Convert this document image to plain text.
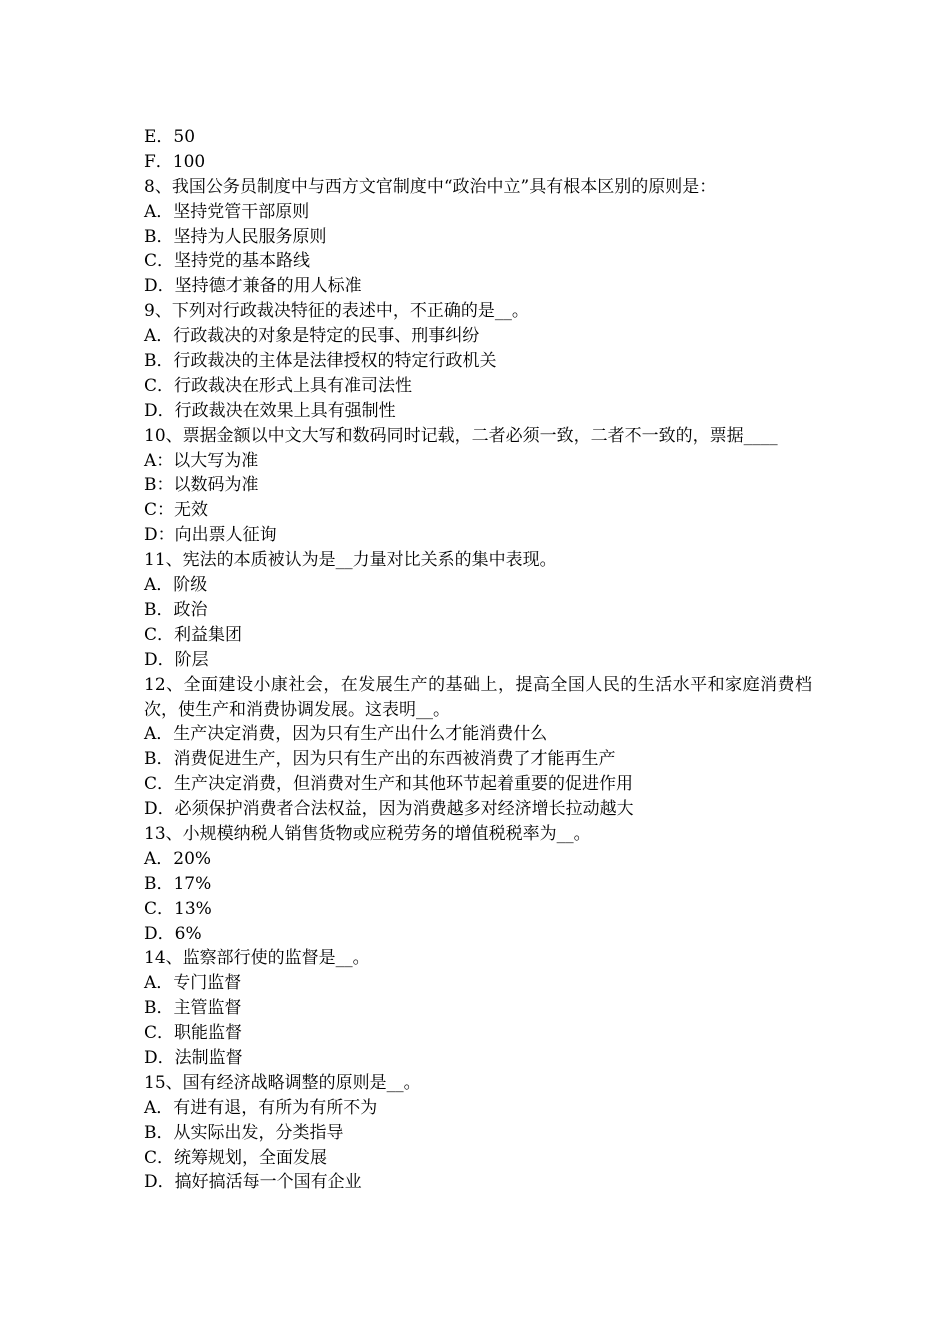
E．50
F．100
8、我国公务员制度中与西方文官制度中“政治中立”具有根本区别的原则是：
A．坚持党管干部原则
B．坚持为人民服务原则
C．坚持党的基本路线
D．坚持德才兼备的用人标准
9、下列对行政裁决特征的表述中，不正确的是__。
A．行政裁决的对象是特定的民事、刑事纠纷
B．行政裁决的主体是法律授权的特定行政机关
C．行政裁决在形式上具有准司法性
D．行政裁决在效果上具有强制性
10、票据金额以中文大写和数码同时记载，二者必须一致，二者不一致的，票据____
A：以大写为准
B：以数码为准
C：无效
D：向出票人征询
11、宪法的本质被认为是__力量对比关系的集中表现。
A．阶级
B．政治
C．利益集团
D．阶层
12、全面建设小康社会，在发展生产的基础上，提高全国人民的生活水平和家庭消费档次，使生产和消费协调发展。这表明__。
A．生产决定消费，因为只有生产出什么才能消费什么
B．消费促进生产，因为只有生产出的东西被消费了才能再生产
C．生产决定消费，但消费对生产和其他环节起着重要的促进作用
D．必须保护消费者合法权益，因为消费越多对经济增长拉动越大
13、小规模纳税人销售货物或应税劳务的增值税税率为__。
A．20%
B．17%
C．13%
D．6%
14、监察部行使的监督是__。
A．专门监督
B．主管监督
C．职能监督
D．法制监督
15、国有经济战略调整的原则是__。
A．有进有退，有所为有所不为
B．从实际出发，分类指导
C．统筹规划，全面发展
D．搞好搞活每一个国有企业
